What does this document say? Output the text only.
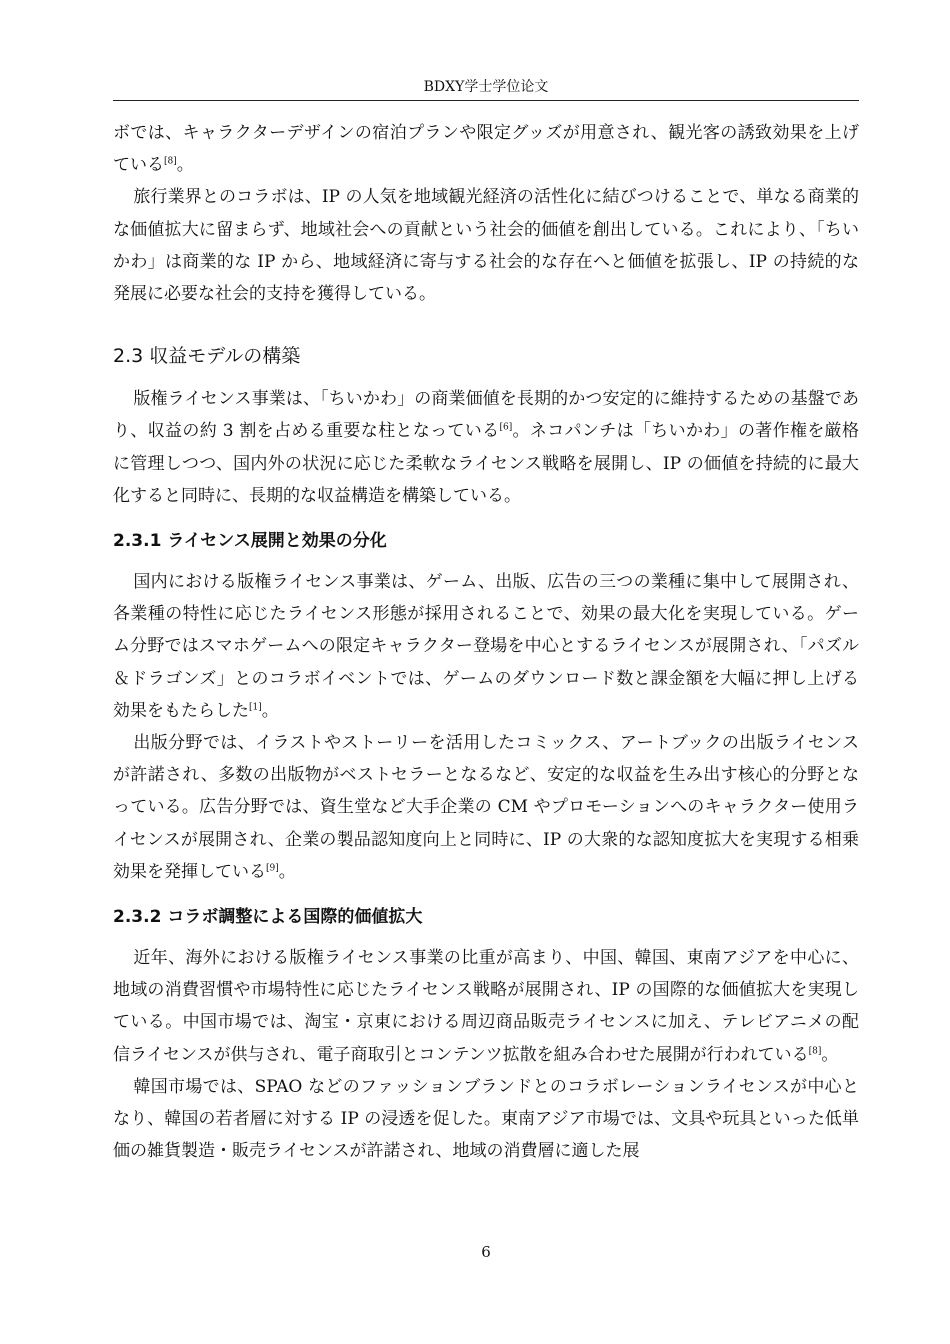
BDXY学士学位论文

ボでは、キャラクターデザインの宿泊プランや限定グッズが用意され、観光客の誘致効果を上げている[8]。

旅行業界とのコラボは、IP の人気を地域観光経済の活性化に結びつけることで、単なる商業的な価値拡大に留まらず、地域社会への貢献という社会的価値を創出している。これにより、「ちいかわ」は商業的な IP から、地域経済に寄与する社会的な存在へと価値を拡張し、IP の持続的な発展に必要な社会的支持を獲得している。

2.3 収益モデルの構築

版権ライセンス事業は、「ちいかわ」の商業価値を長期的かつ安定的に維持するための基盤であり、収益の約 3 割を占める重要な柱となっている[6]。ネコパンチは「ちいかわ」の著作権を厳格に管理しつつ、国内外の状況に応じた柔軟なライセンス戦略を展開し、IP の価値を持続的に最大化すると同時に、長期的な収益構造を構築している。

2.3.1 ライセンス展開と効果の分化

国内における版権ライセンス事業は、ゲーム、出版、広告の三つの業種に集中して展開され、各業種の特性に応じたライセンス形態が採用されることで、効果の最大化を実現している。ゲーム分野ではスマホゲームへの限定キャラクター登場を中心とするライセンスが展開され、「パズル＆ドラゴンズ」とのコラボイベントでは、ゲームのダウンロード数と課金額を大幅に押し上げる効果をもたらした[1]。

出版分野では、イラストやストーリーを活用したコミックス、アートブックの出版ライセンスが許諾され、多数の出版物がベストセラーとなるなど、安定的な収益を生み出す核心的分野となっている。広告分野では、資生堂など大手企業の CM やプロモーションへのキャラクター使用ライセンスが展開され、企業の製品認知度向上と同時に、IP の大衆的な認知度拡大を実現する相乗効果を発揮している[9]。

2.3.2 コラボ調整による国際的価値拡大

近年、海外における版権ライセンス事業の比重が高まり、中国、韓国、東南アジアを中心に、地域の消費習慣や市場特性に応じたライセンス戦略が展開され、IP の国際的な価値拡大を実現している。中国市場では、淘宝・京東における周辺商品販売ライセンスに加え、テレビアニメの配信ライセンスが供与され、電子商取引とコンテンツ拡散を組み合わせた展開が行われている[8]。

韓国市場では、SPAO などのファッションブランドとのコラボレーションライセンスが中心となり、韓国の若者層に対する IP の浸透を促した。東南アジア市場では、文具や玩具といった低単価の雑貨製造・販売ライセンスが許諾され、地域の消費層に適した展

6
